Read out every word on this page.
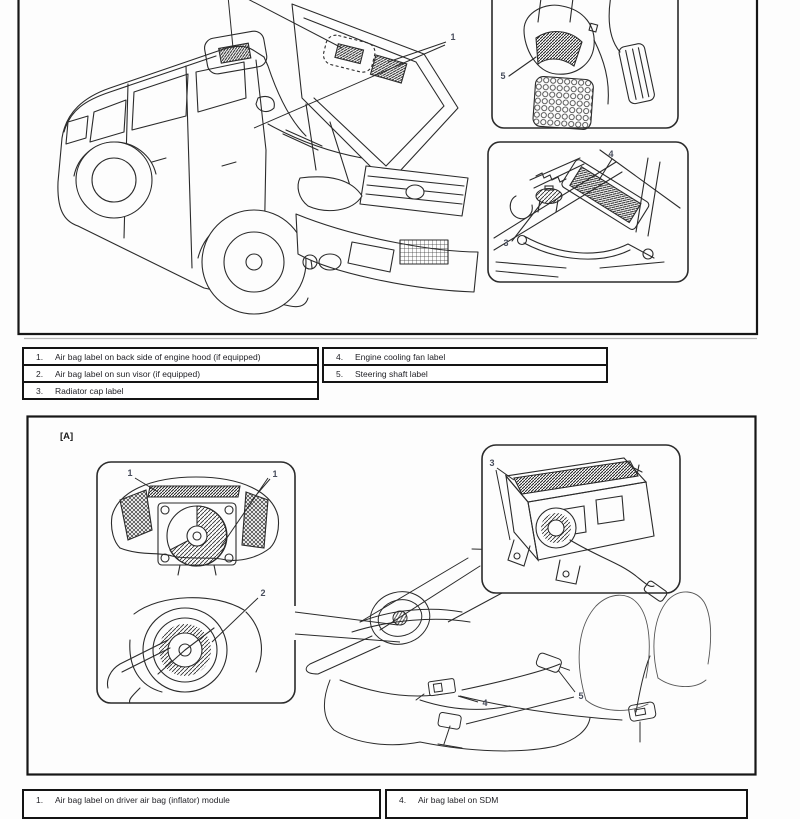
1
5
3
4
1	1
2
3
4
5
[A]
1.	Air bag label on back side of engine hood (if equipped)
2.	Air bag label on sun visor (if equipped)
3.	Radiator cap label
4.	Engine cooling fan label
5.	Steering shaft label
1.	Air bag label on driver air bag (inflator) module	4.	Air bag label on SDM
